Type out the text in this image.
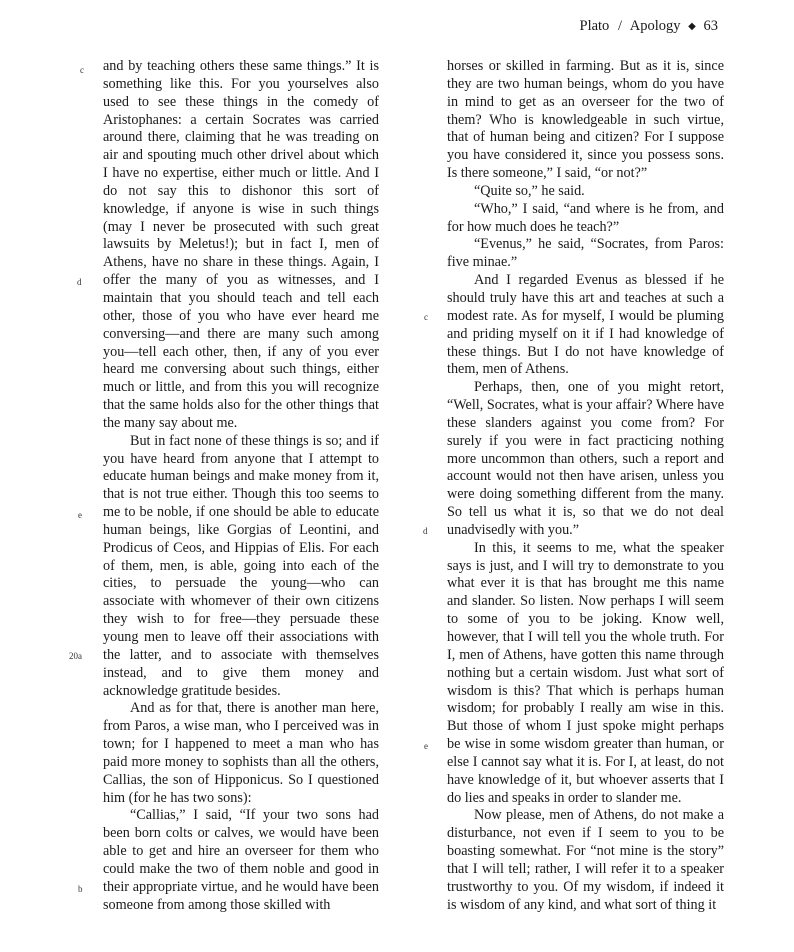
Plato / Apology ◆ 63
c
d
e
20a
b
c
d
e

and by teaching others these same things.” It is something like this. For you yourselves also used to see these things in the comedy of Aristophanes: a certain Socrates was carried around there, claiming that he was treading on air and spouting much other drivel about which I have no expertise, either much or little. And I do not say this to dishonor this sort of knowledge, if anyone is wise in such things (may I never be prosecuted with such great lawsuits by Meletus!); but in fact I, men of Athens, have no share in these things. Again, I offer the many of you as witnesses, and I maintain that you should teach and tell each other, those of you who have ever heard me conversing—and there are many such among you—tell each other, then, if any of you ever heard me conversing about such things, either much or little, and from this you will recognize that the same holds also for the other things that the many say about me.

But in fact none of these things is so; and if you have heard from anyone that I attempt to educate human beings and make money from it, that is not true either. Though this too seems to me to be noble, if one should be able to educate human beings, like Gorgias of Leontini, and Prodicus of Ceos, and Hippias of Elis. For each of them, men, is able, going into each of the cities, to persuade the young—who can associate with whomever of their own citizens they wish to for free—they persuade these young men to leave off their associations with the latter, and to associate with themselves instead, and to give them money and acknowledge gratitude besides.

And as for that, there is another man here, from Paros, a wise man, who I perceived was in town; for I happened to meet a man who has paid more money to sophists than all the others, Callias, the son of Hipponicus. So I questioned him (for he has two sons):

“Callias,” I said, “If your two sons had been born colts or calves, we would have been able to get and hire an overseer for them who could make the two of them noble and good in their appropriate virtue, and he would have been someone from among those skilled with

horses or skilled in farming. But as it is, since they are two human beings, whom do you have in mind to get as an overseer for the two of them? Who is knowledgeable in such virtue, that of human being and citizen? For I suppose you have considered it, since you possess sons. Is there someone,” I said, “or not?”

“Quite so,” he said.

“Who,” I said, “and where is he from, and for how much does he teach?”

“Evenus,” he said, “Socrates, from Paros: five minae.”

And I regarded Evenus as blessed if he should truly have this art and teaches at such a modest rate. As for myself, I would be pluming and priding myself on it if I had knowledge of these things. But I do not have knowledge of them, men of Athens.

Perhaps, then, one of you might retort, “Well, Socrates, what is your affair? Where have these slanders against you come from? For surely if you were in fact practicing nothing more uncommon than others, such a report and account would not then have arisen, unless you were doing something different from the many. So tell us what it is, so that we do not deal unadvisedly with you.”

In this, it seems to me, what the speaker says is just, and I will try to demonstrate to you what ever it is that has brought me this name and slander. So listen. Now perhaps I will seem to some of you to be joking. Know well, however, that I will tell you the whole truth. For I, men of Athens, have gotten this name through nothing but a certain wisdom. Just what sort of wisdom is this? That which is perhaps human wisdom; for probably I really am wise in this. But those of whom I just spoke might perhaps be wise in some wisdom greater than human, or else I cannot say what it is. For I, at least, do not have knowledge of it, but whoever asserts that I do lies and speaks in order to slander me.

Now please, men of Athens, do not make a disturbance, not even if I seem to you to be boasting somewhat. For “not mine is the story” that I will tell; rather, I will refer it to a speaker trustworthy to you. Of my wisdom, if indeed it is wisdom of any kind, and what sort of thing it
